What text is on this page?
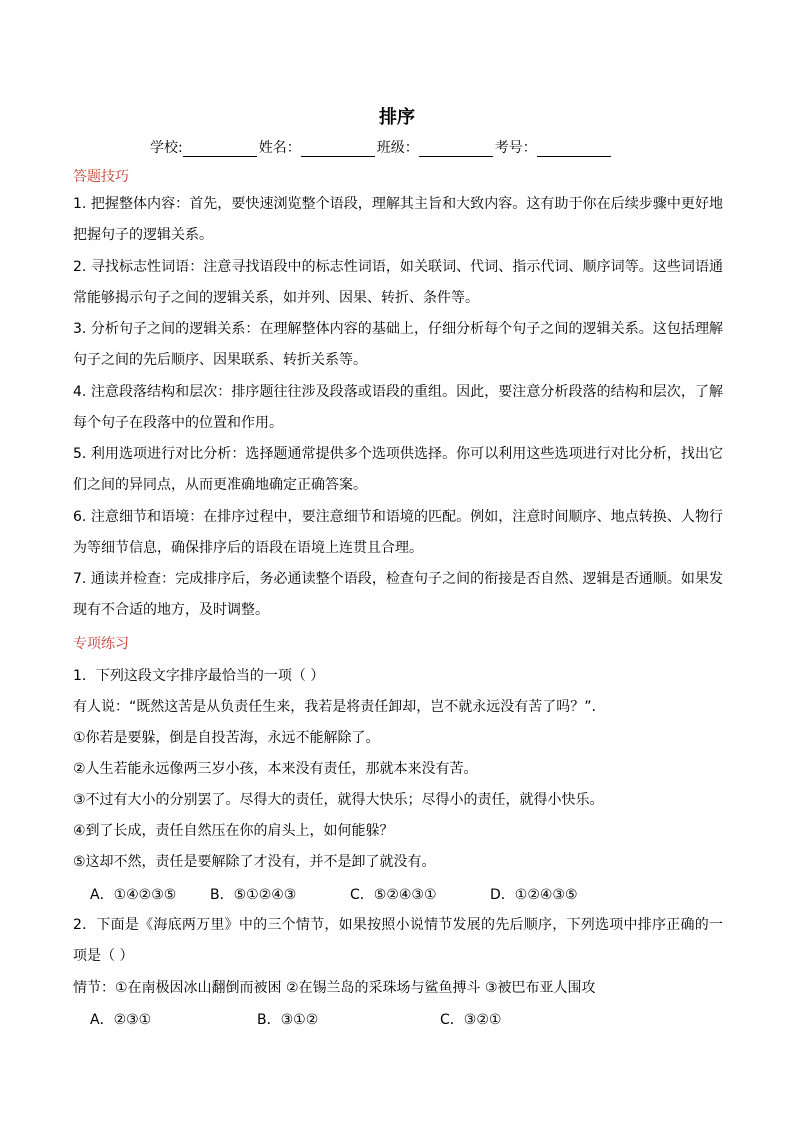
排序
学校:	姓名：	班级：	考号：
答题技巧
1. 把握整体内容：首先，要快速浏览整个语段，理解其主旨和大致内容。这有助于你在后续步骤中更好地把握句子的逻辑关系。
2. 寻找标志性词语：注意寻找语段中的标志性词语，如关联词、代词、指示代词、顺序词等。这些词语通常能够揭示句子之间的逻辑关系，如并列、因果、转折、条件等。
3. 分析句子之间的逻辑关系：在理解整体内容的基础上，仔细分析每个句子之间的逻辑关系。这包括理解句子之间的先后顺序、因果联系、转折关系等。
4. 注意段落结构和层次：排序题往往涉及段落或语段的重组。因此，要注意分析段落的结构和层次，了解每个句子在段落中的位置和作用。
5. 利用选项进行对比分析：选择题通常提供多个选项供选择。你可以利用这些选项进行对比分析，找出它们之间的异同点，从而更准确地确定正确答案。
6. 注意细节和语境：在排序过程中，要注意细节和语境的匹配。例如，注意时间顺序、地点转换、人物行为等细节信息，确保排序后的语段在语境上连贯且合理。
7. 通读并检查：完成排序后，务必通读整个语段，检查句子之间的衔接是否自然、逻辑是否通顺。如果发现有不合适的地方，及时调整。
专项练习
1．下列这段文字排序最恰当的一项（ ）
有人说：“既然这苦是从负责任生来，我若是将责任卸却，岂不就永远没有苦了吗？”.
①你若是要躲，倒是自投苦海，永远不能解除了。
②人生若能永远像两三岁小孩，本来没有责任，那就本来没有苦。
③不过有大小的分别罢了。尽得大的责任，就得大快乐；尽得小的责任，就得小快乐。
④到了长成，责任自然压在你的肩头上，如何能躲？
⑤这却不然，责任是要解除了才没有，并不是卸了就没有。
A．①④②③⑤ B．⑤①②④③	C．⑤②④③①	D．①②④③⑤
2．下面是《海底两万里》中的三个情节，如果按照小说情节发展的先后顺序，下列选项中排序正确的一项是（ ）
情节：①在南极因冰山翻倒而被困 ②在锡兰岛的采珠场与鲨鱼搏斗 ③被巴布亚人围攻
A．②③①	B．③①②	C．③②①
